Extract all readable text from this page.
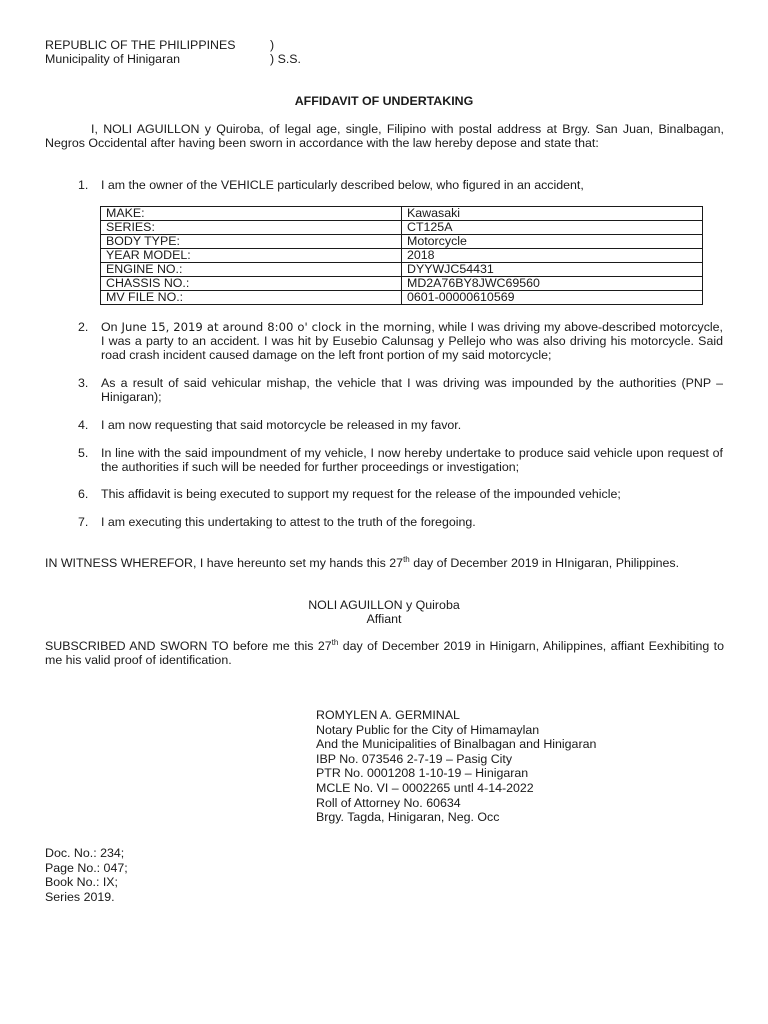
REPUBLIC OF THE PHILIPPINES	)
Municipality of Hinigaran	) S.S.
AFFIDAVIT OF UNDERTAKING
I, NOLI AGUILLON y Quiroba, of legal age, single, Filipino with postal address at Brgy. San Juan, Binalbagan, Negros Occidental after having been sworn in accordance with the law hereby depose and state that:
1. I am the owner of the VEHICLE particularly described below, who figured in an accident,
MAKE:	Kawasaki
SERIES:	CT125A
BODY TYPE:	Motorcycle
YEAR MODEL:	2018
ENGINE NO.:	DYYWJC54431
CHASSIS NO.:	MD2A76BY8JWC69560
MV FILE NO.:	0601-00000610569
2. On June 15, 2019 at around 8:00 o' clock in the morning, while I was driving my above-described motorcycle, I was a party to an accident. I was hit by Eusebio Calunsag y Pellejo who was also driving his motorcycle. Said road crash incident caused damage on the left front portion of my said motorcycle;
3. As a result of said vehicular mishap, the vehicle that I was driving was impounded by the authorities (PNP – Hinigaran);
4. I am now requesting that said motorcycle be released in my favor.
5. In line with the said impoundment of my vehicle, I now hereby undertake to produce said vehicle upon request of the authorities if such will be needed for further proceedings or investigation;
6. This affidavit is being executed to support my request for the release of the impounded vehicle;
7. I am executing this undertaking to attest to the truth of the foregoing.
IN WITNESS WHEREFOR, I have hereunto set my hands this 27th day of December 2019 in HInigaran, Philippines.
NOLI AGUILLON y Quiroba
Affiant
SUBSCRIBED AND SWORN TO before me this 27th day of December 2019 in Hinigarn, Ahilippines, affiant Eexhibiting to me his valid proof of identification.
ROMYLEN A. GERMINAL
Notary Public for the City of Himamaylan
And the Municipalities of Binalbagan and Hinigaran
IBP No. 073546 2-7-19 – Pasig City
PTR No. 0001208 1-10-19 – Hinigaran
MCLE No. VI – 0002265 untl 4-14-2022
Roll of Attorney No. 60634
Brgy. Tagda, Hinigaran, Neg. Occ
Doc. No.: 234;
Page No.: 047;
Book No.: IX;
Series 2019.
